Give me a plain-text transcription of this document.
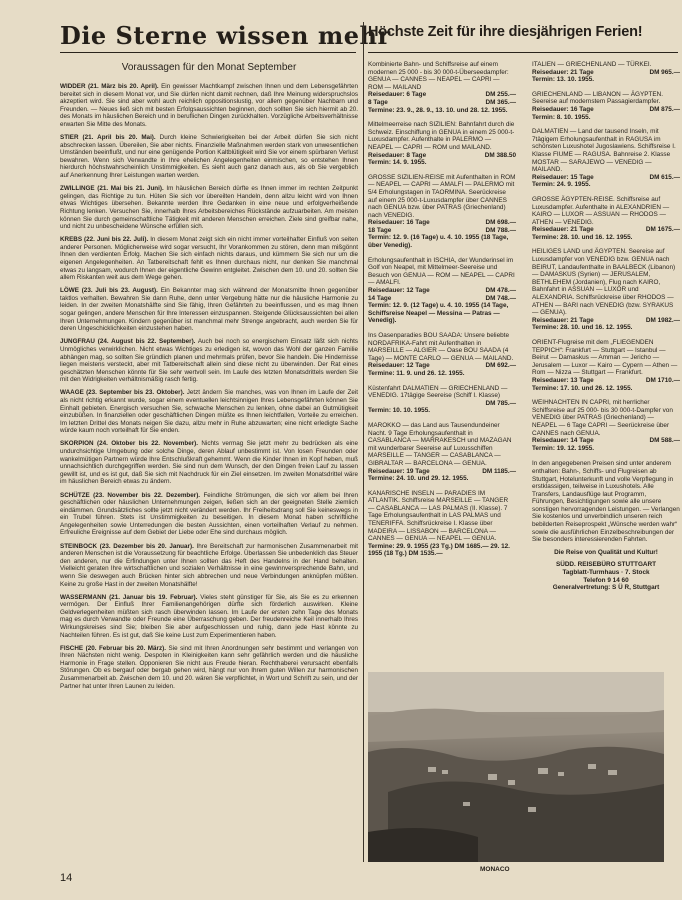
Die Sterne wissen mehr
Voraussagen für den Monat September

WIDDER (21. März bis 20. April). Ein gewisser Machtkampf zwischen Ihnen und dem Lebensgefährten bereitet sich in diesem Monat vor, und Sie dürfen nicht damit rechnen, daß Ihre Meinung widerspruchslos akzeptiert wird. Sie sind aber wohl auch reichlich oppositionslustig, vor allem gegenüber Nachbarn und Freunden. — Neues ließ sich mit besten Erfolgsaussichten beginnen, doch sollten Sie sich hiermit ab 20. des Monats im häuslichen Bereich und in beruflichen Dingen zurückhalten. Vorzügliche Arbeitsverhältnisse erwarten Sie Mitte des Monats.

STIER (21. April bis 20. Mai). Durch kleine Schwierigkeiten bei der Arbeit dürfen Sie sich nicht abschrecken lassen. Übereilen, Sie aber nichts. Finanzielle Maßnahmen werden stark von unwesentlichen Umständen beeinflußt, und nur eine genügende Portion Kaltblütigkeit wird Sie vor einem spürbaren Verlust bewahren. Wenn sich Verwandte in Ihre ehelichen Angelegenheiten einmischen, so entstehen Ihnen hierdurch höchstwahrscheinlich Unstimmigkeiten. Es sieht auch ganz danach aus, als ob Sie vergeblich auf Anerkennung Ihrer Leistungen warten werden.

ZWILLINGE (21. Mai bis 21. Juni). Im häuslichen Bereich dürfte es Ihnen immer im rechten Zeitpunkt gelingen, das Richtige zu tun. Hüten Sie sich vor übereilten Handeln, denn allzu leicht wird von Ihnen etwas Wichtiges übersehen. Bekannte werden Ihre Gedanken in eine neue und erfolgverheißende Richtung lenken. Versuchen Sie, innerhalb Ihres Arbeitsbereiches Rückstände aufzuarbeiten. Am meisten können Sie durch gemeinschaftliche Tätigkeit mit anderen Menschen erreichen. Ziele sind greifbar nahe, und nicht zu unbescheidene Wünsche erfüllen sich.

KREBS (22. Juni bis 22. Juli). In diesem Monat zeigt sich ein nicht immer vorteilhafter Einfluß von seiten anderer Personen. Möglicherweise wird sogar versucht, Ihr Vorankommen zu stören, denn man mißgönnt Ihnen den verdienten Erfolg. Machen Sie sich einfach nichts daraus, und kümmern Sie sich nur um die eigenen Angelegenheiten. An Tatbereitschaft fehlt es Ihnen durchaus nicht, nur denken Sie manchmal etwas zu langsam, wodurch Ihnen der eigentliche Gewinn entgleitet. Zwischen dem 10. und 20. sollten Sie allem Riskanten weit aus dem Wege gehen.

LÖWE (23. Juli bis 23. August). Ein Bekannter mag sich während der Monatsmitte Ihnen gegenüber taktlos verhalten. Bewahren Sie dann Ruhe, denn unter Vergebung hätte nur die häusliche Harmonie zu leiden. In der zweiten Monatshälfte sind Sie fähig, Ihren Gefährten zu beeinflussen, und es mag Ihnen sogar gelingen, andere Menschen für Ihre Interessen einzuspannen. Steigende Glücksaussichten bei allen Ihren Unternehmungen. Kindern gegenüber ist manchmal mehr Strenge angebracht, auch werden Sie für deren Ungeschicklichkeiten einzustehen haben.

JUNGFRAU (24. August bis 22. September). Auch bei noch so energischem Einsatz läßt sich nichts Unmögliches verwirklichen. Nicht etwas Wichtiges zu erledigen ist, wovon das Wohl der ganzen Familie abhängen mag, so sollten Sie gründlich planen und mehrmals prüfen, bevor Sie handeln. Die Hindernisse liegen meistens versteckt, aber mit Tatbereitschaft allein sind diese nicht zu überwinden. Der Rat eines geschätzten Menschen könnte für Sie sehr wertvoll sein. Im Laufe des letzten Monatsdrittels werden Sie mit den Widrigkeiten verhältnismäßig rasch fertig.

WAAGE (23. September bis 23. Oktober). Jetzt ändern Sie manches, was von Ihnen im Laufe der Zeit als nicht richtig erkannt wurde, sogar einem eventuellen leichtsinnigen Ihres Lebensgefährten können Sie Einhalt gebieten. Energisch versuchen Sie, schwache Menschen zu lenken, ohne dabei an Gutmütigkeit einzubüßen. In finanziellen oder geschäftlichen Dingen müßte es Ihnen leichtfallen, Vorteile zu erreichen. Im letzten Drittel des Monats neigen Sie dazu, allzu mehr in Ruhe abzuwarten; eine nicht erledigte Sache würde kaum noch vorteilhaft für Sie enden.

SKORPION (24. Oktober bis 22. November). Nichts vermag Sie jetzt mehr zu bedrücken als eine undurchsichtige Umgebung oder solche Dinge, deren Ablauf unbestimmt ist. Von losen Freunden oder wankelmütigen Partnern würde Ihre Entschlußkraft gehemmt. Wenn die Kinder Ihnen im Kopf heben, muß unnachsichtlich durchgegriffen werden. Sie sind nun dem Wunsch, der den Dingen freien Lauf zu lassen gewillt ist, und es ist gut, daß Sie sich mit Nachdruck für ein Ziel einsetzen. Im zweiten Monatsdrittel wäre im häuslichen Bereich etwas zu ändern.

SCHÜTZE (23. November bis 22. Dezember). Feindliche Strömungen, die sich vor allem bei Ihren geschäftlichen oder häuslichen Unternehmungen zeigen, ließen sich an der geeigneten Stelle ziemlich eindämmen. Grundsätzliches sollte jetzt nicht verändert werden. Ihr Freiheitsdrang soll Sie keineswegs in ein Trubel führen. Stets ist Unstimmigkeiten zu beseitigen. In diesem Monat haben schriftliche Angelegenheiten sowie Unterredungen die besten Aussichten, einen vorteilhaften Verlauf zu nehmen. Erfreuliche Ereignisse auf dem Gebiet der Liebe oder Ehe sind durchaus möglich.

STEINBOCK (23. Dezember bis 20. Januar). Ihre Bereitschaft zur harmonischen Zusammenarbeit mit anderen Menschen ist die Voraussetzung für beachtliche Erfolge. Überlassen Sie unbedenklich das Steuer den anderen, nur die Erfindungen unter Ihnen sollten das Heft des Handelns in der Hand behalten. Vielleicht geraten Ihre wirtschaftlichen und sozialen Verhältnisse in eine gewinnversprechende Bahn, und wenn Sie deswegen auch Brücken hinter sich abbrechen und neue Verbindungen anknüpfen müßten. Keine zu große Hast in der zweiten Monatshälfte!

WASSERMANN (21. Januar bis 19. Februar). Vieles steht günstiger für Sie, als Sie es zu erkennen vermögen. Der Einfluß Ihrer Familienangehörigen dürfte sich förderlich auswirken. Kleine Geldverlegenheiten müßten sich rasch überwinden lassen. Im Laufe der ersten zehn Tage des Monats mag es durch Verwandte oder Freunde eine Überraschung geben. Der freudenreiche Keil innerhalb Ihres Wirkungskreises sind Sie; bleiben Sie aber aufgeschlossen und ruhig, dann jede Hast könnte zu Nachteilen führen. Es ist gut, daß Sie keine Lust zum Experimentieren haben.

FISCHE (20. Februar bis 20. März). Sie sind mit Ihren Anordnungen sehr bestimmt und verlangen von Ihren Nächsten nicht wenig. Despoten in Kleinigkeiten kann sehr gefährlich werden und die häusliche Harmonie in Frage stellen. Opponieren Sie nicht aus Freude hieran. Rechthaberei verursacht ebenfalls Störungen. Ob es bergauf oder bergab gehen wird, hängt nur von Ihrem guten Willen zur harmonischen Zusammenarbeit ab. Zwischen dem 10. und 20. wären Sie verpflichtet, in Wort und Schrift zu sein, und der Partner hat unter Ihren Launen zu leiden.

Höchste Zeit für ihre diesjährigen Ferien!
Kombinierte Bahn- und Schiffsreise auf einem modernen 25 000 - bis 30 000-t-Überseedampfer: GENUA — CANNES — NEAPEL — CAPRI — ROM — MAILAND
Reisedauer: 6 Tage	DM 255.—
8 Tage	DM 365.—
Termine: 23. 9., 28. 9., 13. 10. und 28. 12. 1955.
Mittelmeerreise nach SIZILIEN: Bahnfahrt durch die Schweiz. Einschiffung in GENUA in einem 25 000-t-Luxusdampfer. Aufenthalte in PALERMO — NEAPEL — CAPRI — ROM und MAILAND.
Reisedauer: 8 Tage	DM 388.50
Termin: 14. 9. 1955.
GROSSE SIZILIEN-REISE mit Aufenthalten in ROM — NEAPEL — CAPRI — AMALFI — PALERMO mit 5/4 Erholungstagen in TAORMINA. Seerückreise auf einem 25 000-t-Luxusdampfer über CANNES nach GENUA bzw. über PATRAS (Griechenland) nach VENEDIG.
Reisedauer: 16 Tage	DM 698.—
18 Tage	DM 788.—
Termin: 12. 9. (16 Tage) u. 4. 10. 1955 (18 Tage, über Venedig).
Erholungsaufenthalt in ISCHIA, der Wunderinsel im Golf von Neapel, mit Mittelmeer-Seereise und Besuch von GENUA — ROM — NEAPEL — CAPRI — AMALFI.
Reisedauer: 12 Tage	DM 478.—
14 Tage	DM 748.—
Termin: 12. 9. (12 Tage) u. 4. 10. 1955 (14 Tage, Schiffsreise Neapel — Messina — Patras — Venedig).
Ins Oasenparadies BOU SAADA: Unsere beliebte NORDAFRIKA-Fahrt mit Aufenthalten in MARSEILLE — ALGIER — Oase BOU SAADA (4 Tage) — MONTE CARLO — GENUA — MAILAND.
Reisedauer: 12 Tage	DM 692.—
Termine: 11. 9. und 26. 12. 1955.
Küstenfahrt DALMATIEN — GRIECHENLAND — VENEDIG. 17tägige Seereise (Schiff I. Klasse)
DM 785.—
Termin: 10. 10. 1955.
MAROKKO — das Land aus Tausendundeiner Nacht. 9 Tage Erholungsaufenthalt in CASABLANCA — MARRAKESCH und MAZAGAN mit wunderbarer Seereise auf Luxusschiffen MARSEILLE — TANGER — CASABLANCA — GIBRALTAR — BARCELONA — GENUA.
Reisedauer: 19 Tage	DM 1185.—
Termine: 24. 10. und 29. 12. 1955.
KANARISCHE INSELN — PARADIES IM ATLANTIK. Schiffsreise MARSEILLE — TANGER — CASABLANCA — LAS PALMAS (II. Klasse). 7 Tage Erholungsaufenthalt in LAS PALMAS und TENERIFFA. Schiffsrückreise I. Klasse über MADEIRA — LISSABON — BARCELONA — CANNES — GENUA — NEAPEL — GENUA.
Termine: 29. 9. 1955 (23 Tg.) DM 1685.— 29. 12. 1955 (18 Tg.) DM 1535.—
ITALIEN — GRIECHENLAND — TÜRKEI.
Reisedauer: 21 Tage	DM 965.—
Termin: 13. 10. 1955.
GRIECHENLAND — LIBANON — ÄGYPTEN. Seereise auf modernstem Passagierdampfer.
Reisedauer: 16 Tage	DM 875.—
Termin: 8. 10. 1955.
DALMATIEN — Land der tausend Inseln, mit 7tägigem Erholungsaufenthalt in RAGUSA im schönsten Luxushotel Jugoslawiens. Schiffsreise I. Klasse FIUME — RAGUSA. Bahnreise 2. Klasse MOSTAR — SARAJEWO — VENEDIG — MAILAND.
Reisedauer: 15 Tage	DM 615.—
Termin: 24. 9. 1955.
GROSSE ÄGYPTEN-REISE. Schiffsreise auf Luxusdampfer. Aufenthalte in ALEXANDRIEN — KAIRO — LUXOR — ASSUAN — RHODOS — ATHEN — VENEDIG.
Reisedauer: 21 Tage	DM 1675.—
Termine: 28. 10. und 16. 12. 1955.
HEILIGES LAND und ÄGYPTEN. Seereise auf Luxusdampfer von VENEDIG bzw. GENUA nach BEIRUT, Landaufenthalte in BAALBECK (Libanon) — DAMASKUS (Syrien) — JERUSALEM, BETHLEHEM (Jordanien), Flug nach KAIRO, Bahnfahrt in ASSUAN — LUXOR und ALEXANDRIA. Schiffsrückreise über RHODOS — ATHEN — BARI nach VENEDIG (bzw. SYRAKUS — GENUA).
Reisedauer: 21 Tage	DM 1982.—
Termine: 28. 10. und 16. 12. 1955.
ORIENT-Flugreise mit dem „FLIEGENDEN TEPPICH“: Frankfurt — Stuttgart — Istanbul — Beirut — Damaskus — Amman — Jericho — Jerusalem — Luxor — Kairo — Cypern — Athen — Rom — Nizza — Stuttgart — Frankfurt.
Reisedauer: 13 Tage	DM 1710.—
Termine: 17. 10. und 26. 12. 1955.
WEIHNACHTEN IN CAPRI, mit herrlicher Schiffsreise auf 25 000- bis 30 000-t-Dampfer von VENEDIG über PATRAS (Griechenland) — NEAPEL — 6 Tage CAPRI — Seerückreise über CANNES nach GENUA.
Reisedauer: 14 Tage	DM 588.—
Termin: 19. 12. 1955.

In den angegebenen Preisen sind unter anderem enthalten: Bahn-, Schiffs- und Flugreisen ab Stuttgart, Hotelunterkunft und volle Verpflegung in erstklassigen, teilweise in Luxushotels. Alle Transfers, Landausflüge laut Programm, Führungen, Besichtigungen sowie alle unsere sonstigen hervorragenden Leistungen. — Verlangen Sie kostenlos und unverbindlich unseren reich bebilderten Reiseprospekt „Wünsche werden wahr“ sowie die ausführlichen Einzelbeschreibungen der Sie besonders interessierenden Fahrten.

Die Reise von Qualität und Kultur!

SÜDD. REISEBÜRO STUTTGART
Tagblatt-Turmhaus · 7. Stock
Telefon 9 14 60
Generalvertretung: S Ü R, Stuttgart
MONACO
14
